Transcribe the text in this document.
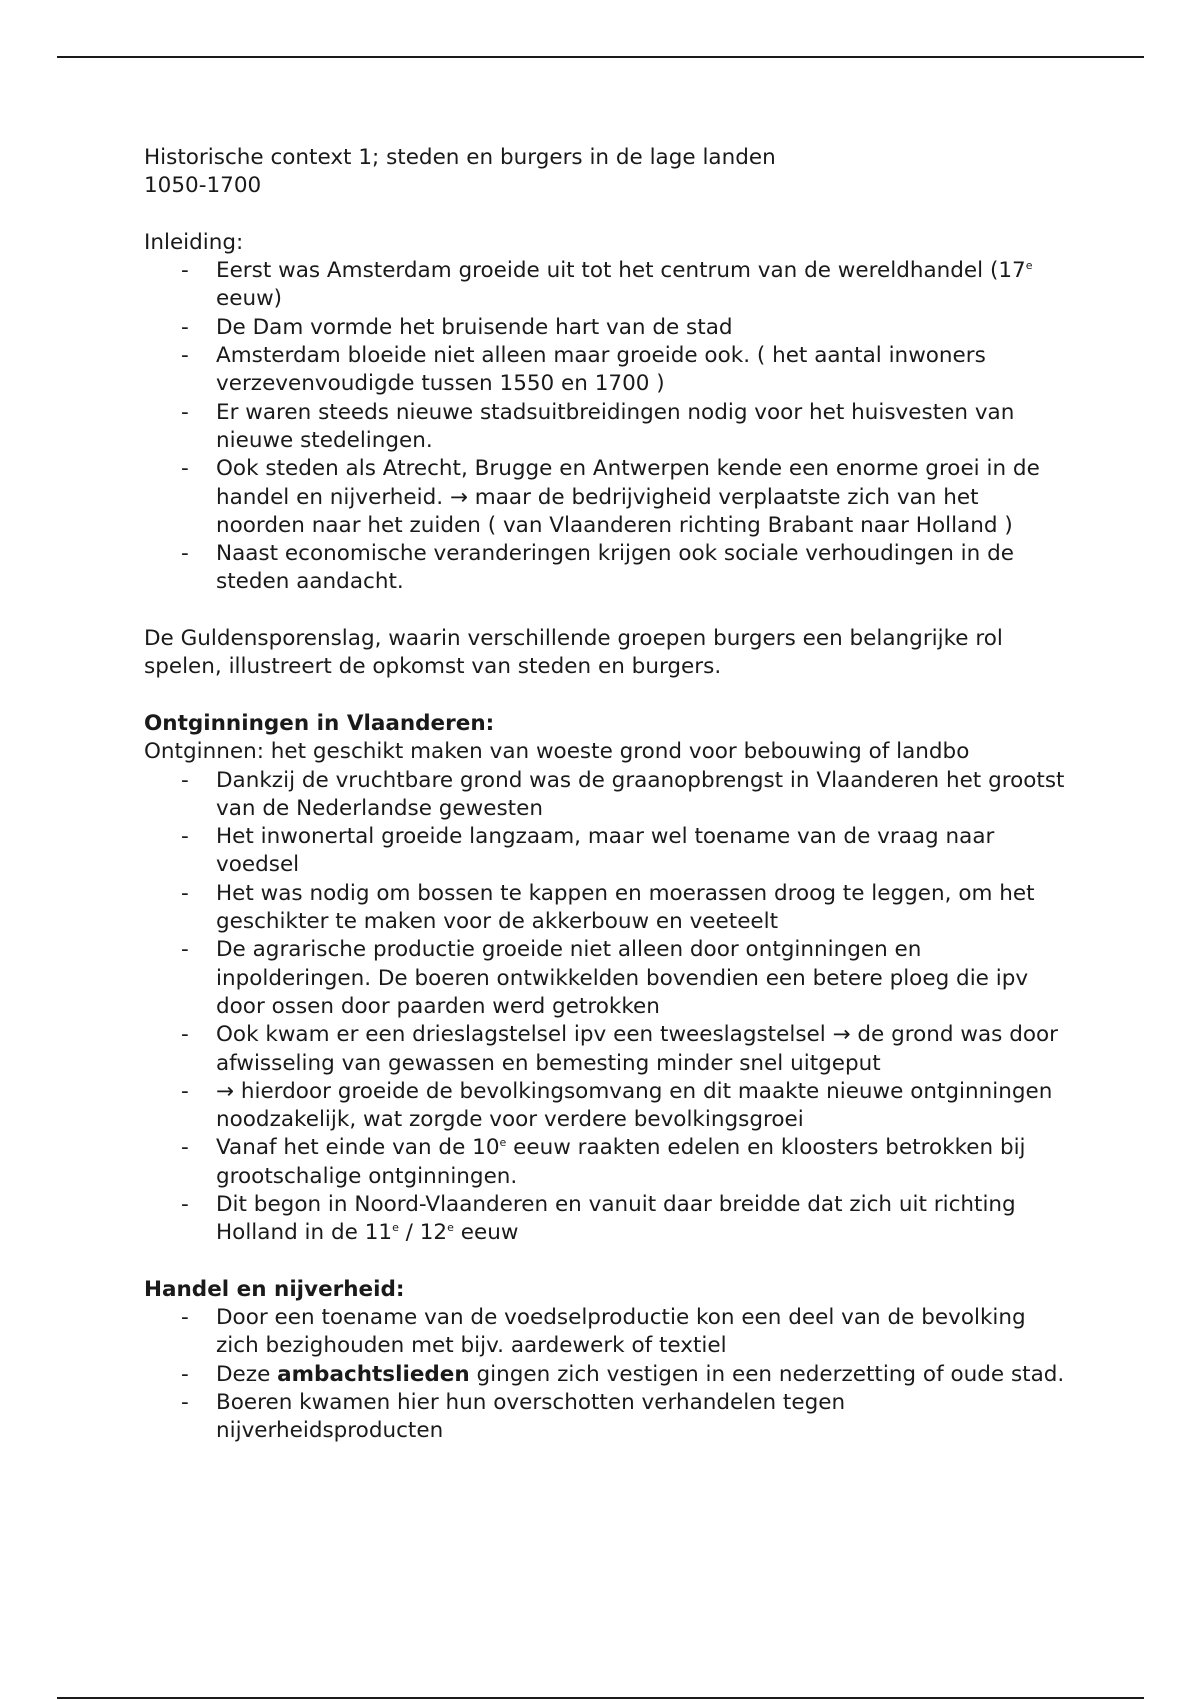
Historische context 1; steden en burgers in de lage landen

1050-1700

Inleiding:

- Eerst was Amsterdam groeide uit tot het centrum van de wereldhandel (17e eeuw)
- De Dam vormde het bruisende hart van de stad
- Amsterdam bloeide niet alleen maar groeide ook. ( het aantal inwoners verzevenvoudigde tussen 1550 en 1700 )
- Er waren steeds nieuwe stadsuitbreidingen nodig voor het huisvesten van nieuwe stedelingen.
- Ook steden als Atrecht, Brugge en Antwerpen kende een enorme groei in de handel en nijverheid. → maar de bedrijvigheid verplaatste zich van het noorden naar het zuiden ( van Vlaanderen richting Brabant naar Holland )
- Naast economische veranderingen krijgen ook sociale verhoudingen in de steden aandacht.

De Guldensporenslag, waarin verschillende groepen burgers een belangrijke rol spelen, illustreert de opkomst van steden en burgers.

Ontginningen in Vlaanderen:

Ontginnen: het geschikt maken van woeste grond voor bebouwing of landbo

- Dankzij de vruchtbare grond was de graanopbrengst in Vlaanderen het grootst van de Nederlandse gewesten
- Het inwonertal groeide langzaam, maar wel toename van de vraag naar voedsel
- Het was nodig om bossen te kappen en moerassen droog te leggen, om het geschikter te maken voor de akkerbouw en veeteelt
- De agrarische productie groeide niet alleen door ontginningen en inpolderingen. De boeren ontwikkelden bovendien een betere ploeg die ipv door ossen door paarden werd getrokken
- Ook kwam er een drieslagstelsel ipv een tweeslagstelsel → de grond was door afwisseling van gewassen en bemesting minder snel uitgeput
- → hierdoor groeide de bevolkingsomvang en dit maakte nieuwe ontginningen noodzakelijk, wat zorgde voor verdere bevolkingsgroei
- Vanaf het einde van de 10e eeuw raakten edelen en kloosters betrokken bij grootschalige ontginningen.
- Dit begon in Noord-Vlaanderen en vanuit daar breidde dat zich uit richting Holland in de 11e / 12e eeuw

Handel en nijverheid:

- Door een toename van de voedselproductie kon een deel van de bevolking zich bezighouden met bijv. aardewerk of textiel
- Deze ambachtslieden gingen zich vestigen in een nederzetting of oude stad.
- Boeren kwamen hier hun overschotten verhandelen tegen nijverheidsproducten
